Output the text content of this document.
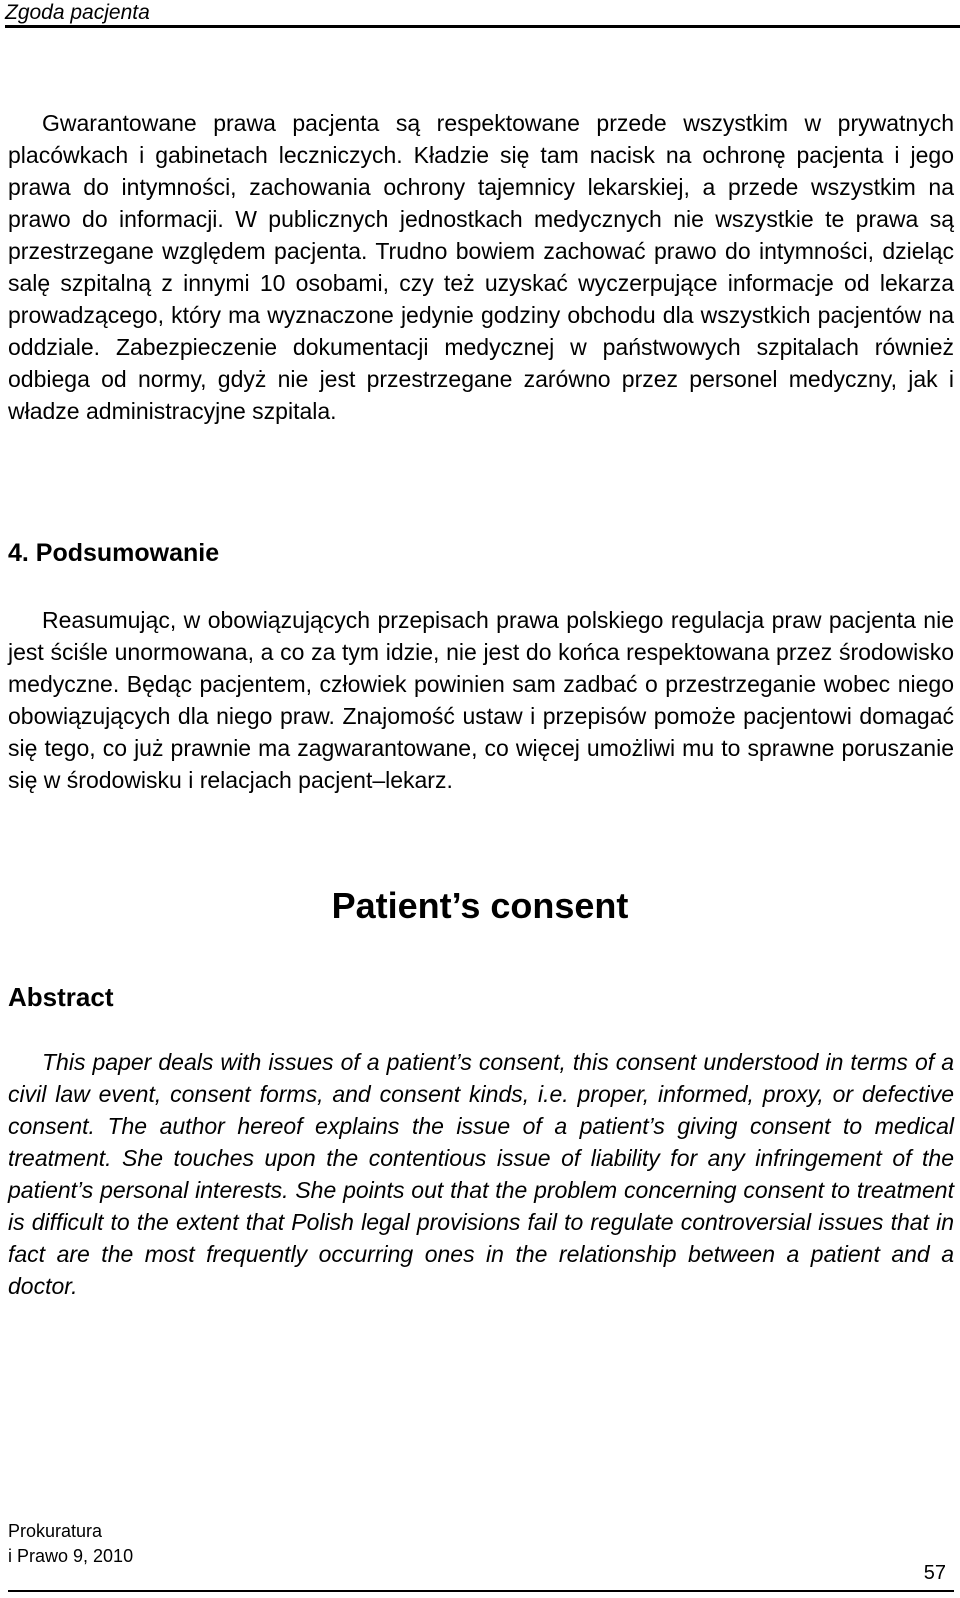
Zgoda pacjenta

Gwarantowane prawa pacjenta są respektowane przede wszystkim w prywatnych placówkach i gabinetach leczniczych. Kładzie się tam nacisk na ochronę pacjenta i jego prawa do intymności, zachowania ochrony tajemnicy lekarskiej, a przede wszystkim na prawo do informacji. W publicznych jednostkach medycznych nie wszystkie te prawa są przestrzegane względem pacjenta. Trudno bowiem zachować prawo do intymności, dzieląc salę szpitalną z innymi 10 osobami, czy też uzyskać wyczerpujące informacje od lekarza prowadzącego, który ma wyznaczone jedynie godziny obchodu dla wszystkich pacjentów na oddziale. Zabezpieczenie dokumentacji medycznej w państwowych szpitalach również odbiega od normy, gdyż nie jest przestrzegane zarówno przez personel medyczny, jak i władze administracyjne szpitala.

4. Podsumowanie

Reasumując, w obowiązujących przepisach prawa polskiego regulacja praw pacjenta nie jest ściśle unormowana, a co za tym idzie, nie jest do końca respektowana przez środowisko medyczne. Będąc pacjentem, człowiek powinien sam zadbać o przestrzeganie wobec niego obowiązujących dla niego praw. Znajomość ustaw i przepisów pomoże pacjentowi domagać się tego, co już prawnie ma zagwarantowane, co więcej umożliwi mu to sprawne poruszanie się w środowisku i relacjach pacjent–lekarz.

Patient’s consent
Abstract

This paper deals with issues of a patient’s consent, this consent understood in terms of a civil law event, consent forms, and consent kinds, i.e. proper, informed, proxy, or defective consent. The author hereof explains the issue of a patient’s giving consent to medical treatment. She touches upon the contentious issue of liability for any infringement of the patient’s personal interests. She points out that the problem concerning consent to treatment is difficult to the extent that Polish legal provisions fail to regulate controversial issues that in fact are the most frequently occurring ones in the relationship between a patient and a doctor.

Prokuratura
i Prawo 9, 2010
57
